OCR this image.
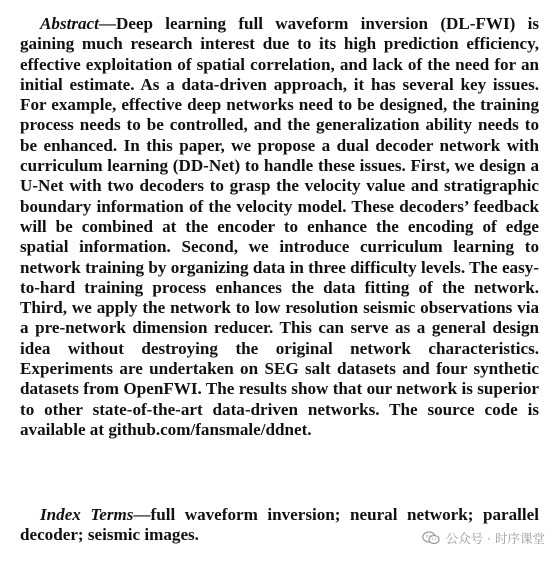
Abstract—Deep learning full waveform inversion (DL-FWI) is gaining much research interest due to its high prediction efficiency, effective exploitation of spatial correlation, and lack of the need for an initial estimate. As a data-driven approach, it has several key issues. For example, effective deep networks need to be designed, the training process needs to be controlled, and the generalization ability needs to be enhanced. In this paper, we propose a dual decoder network with curriculum learning (DD-Net) to handle these issues. First, we design a U-Net with two decoders to grasp the velocity value and stratigraphic boundary information of the velocity model. These decoders’ feedback will be combined at the encoder to enhance the encoding of edge spatial information. Second, we introduce curriculum learning to network training by organizing data in three difficulty levels. The easy-to-hard training process enhances the data fitting of the network. Third, we apply the network to low resolution seismic observations via a pre-network dimension reducer. This can serve as a general design idea without destroying the original network characteristics. Experiments are undertaken on SEG salt datasets and four synthetic datasets from OpenFWI. The results show that our network is superior to other state-of-the-art data-driven networks. The source code is available at github.com/fansmale/ddnet.

Index Terms—full waveform inversion; neural network; parallel decoder; seismic images.	公众号 · 时序课堂
